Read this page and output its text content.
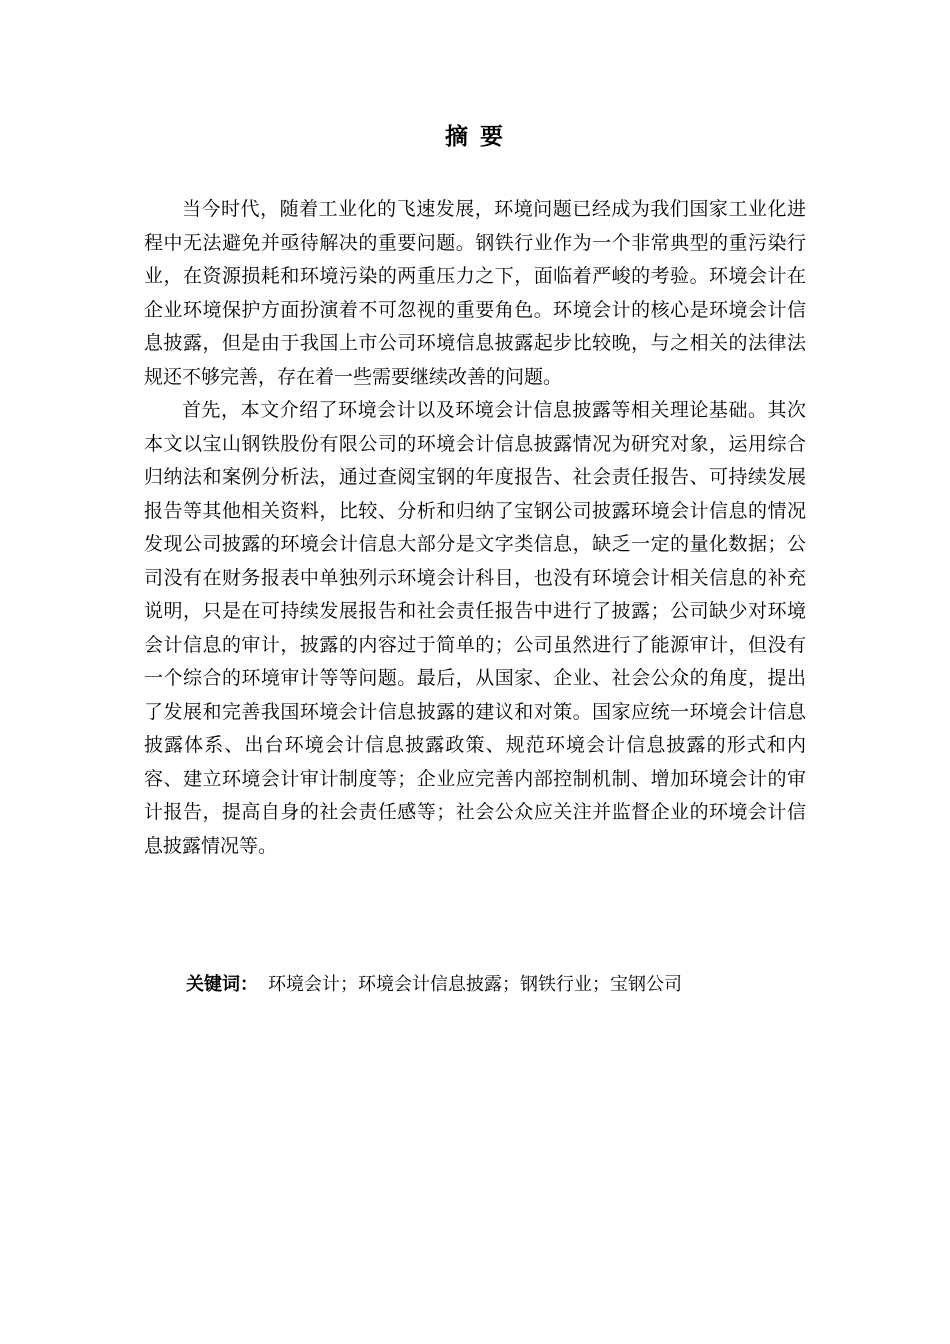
摘 要

当今时代，随着工业化的飞速发展，环境问题已经成为我们国家工业化进程中无法避免并亟待解决的重要问题。钢铁行业作为一个非常典型的重污染行业，在资源损耗和环境污染的两重压力之下，面临着严峻的考验。环境会计在企业环境保护方面扮演着不可忽视的重要角色。环境会计的核心是环境会计信息披露，但是由于我国上市公司环境信息披露起步比较晚，与之相关的法律法规还不够完善，存在着一些需要继续改善的问题。

首先，本文介绍了环境会计以及环境会计信息披露等相关理论基础。其次本文以宝山钢铁股份有限公司的环境会计信息披露情况为研究对象，运用综合归纳法和案例分析法，通过查阅宝钢的年度报告、社会责任报告、可持续发展报告等其他相关资料，比较、分析和归纳了宝钢公司披露环境会计信息的情况发现公司披露的环境会计信息大部分是文字类信息，缺乏一定的量化数据；公司没有在财务报表中单独列示环境会计科目，也没有环境会计相关信息的补充说明，只是在可持续发展报告和社会责任报告中进行了披露；公司缺少对环境会计信息的审计，披露的内容过于简单的；公司虽然进行了能源审计，但没有一个综合的环境审计等等问题。最后，从国家、企业、社会公众的角度，提出了发展和完善我国环境会计信息披露的建议和对策。国家应统一环境会计信息披露体系、出台环境会计信息披露政策、规范环境会计信息披露的形式和内容、建立环境会计审计制度等；企业应完善内部控制机制、增加环境会计的审计报告，提高自身的社会责任感等；社会公众应关注并监督企业的环境会计信息披露情况等。

关键词： 环境会计；环境会计信息披露；钢铁行业；宝钢公司
